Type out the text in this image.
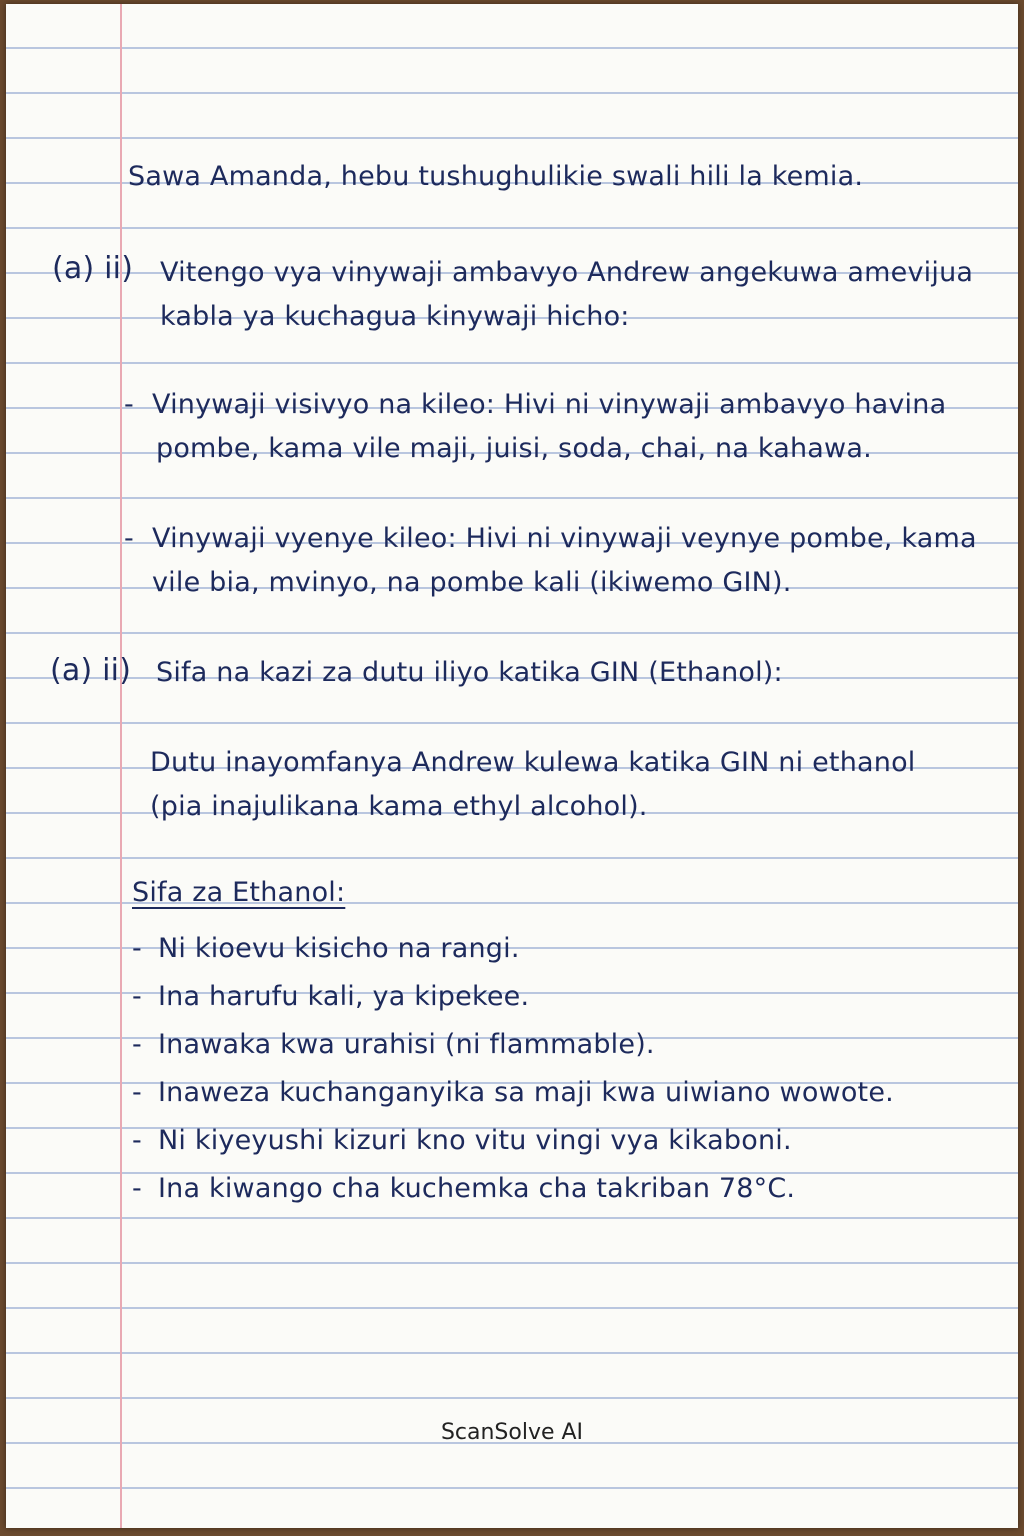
Sawa Amanda, hebu tushughulikie swali hili la kemia.
(a) ii) Vitengo vya vinywaji ambavyo Andrew angekuwa amevijua
kabla ya kuchagua kinywaji hicho:
- Vinywaji visivyo na kileo: Hivi ni vinywaji ambavyo havina
pombe, kama vile maji, juisi, soda, chai, na kahawa.
- Vinywaji vyenye kileo: Hivi ni vinywaji veynye pombe, kama
vile bia, mvinyo, na pombe kali (ikiwemo GIN).
(a) ii) Sifa na kazi za dutu iliyo katika GIN (Ethanol):
Dutu inayomfanya Andrew kulewa katika GIN ni ethanol
(pia inajulikana kama ethyl alcohol).
Sifa za Ethanol:
- Ni kioevu kisicho na rangi.
- Ina harufu kali, ya kipekee.
- Inawaka kwa urahisi (ni flammable).
- Inaweza kuchanganyika sa maji kwa uiwiano wowote.
- Ni kiyeyushi kizuri kno vitu vingi vya kikaboni.
- Ina kiwango cha kuchemka cha takriban 78°C.
ScanSolve AI
